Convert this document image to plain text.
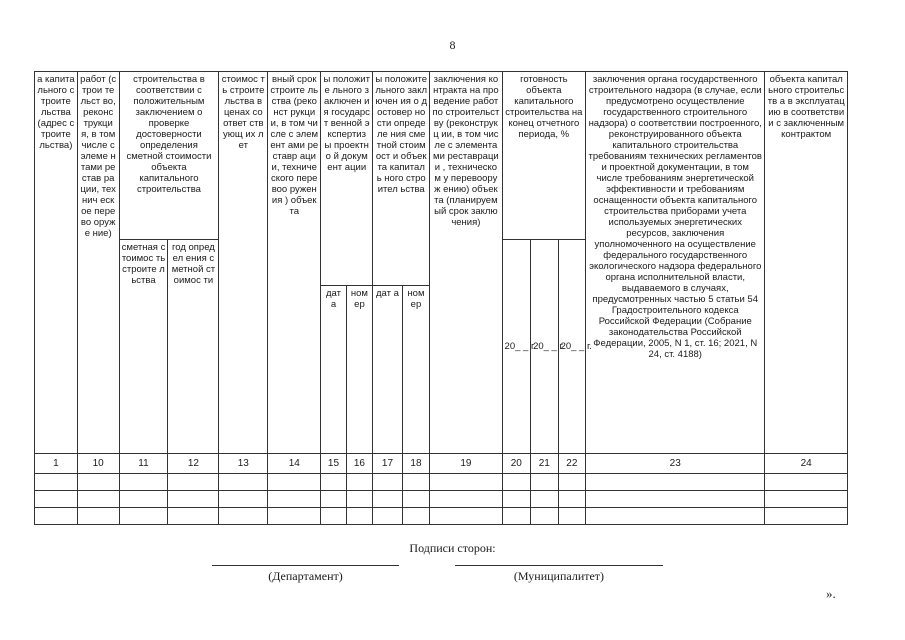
8
а капита льного строите льства (адрес строите льства)	работ (строи тельст во, реконс трукци я, в том числе с элеме нтами рестав рации, технич еское перево оруже ние)	строительства в соответствии с положительным заключением о проверке достоверности определения сметной стоимости объекта капитального строительства		стоимос ть строите льства в ценах соответ ствующ их лет	вный срок строите льства (реконст рукции, в том числе с элемент ами реставр ации, техниче ского перевоо ружения ) объекта	ы положите льного заключен ия государст венной экспертиз ы проектно й документ ации		ы положите льного заключен ия о достовер ности определе ния сметной стоимост и объекта капиталь ного строител ьства		заключения контракта на проведение работ по строительст ву (реконструкц ии, в том числе с элементами реставрации , техническом у перевооруж ению) объекта (планируем ый срок заключения)	готовность объекта капитального строительства на конец отчетного периода, %			заключения органа государственного строительного надзора (в случае, если предусмотрено осуществление государственного строительного надзора) о соответствии построенного, реконструированного объекта капитального строительства требованиям технических регламентов и проектной документации, в том числе требованиям энергетической эффективности и требованиям оснащенности объекта капитального строительства приборами учета используемых энергетических ресурсов, заключения уполномоченного на осуществление федерального государственного экологического надзора федерального органа исполнительной власти, выдаваемого в случаях, предусмотренных частью 5 статьи 54 Градостроительного кодекса Российской Федерации (Собрание законодательства Российской Федерации, 2005, N 1, ст. 16; 2021, N 24, ст. 4188)	объекта капитального строительств а в эксплуатацию в соответствии с заключенным контрактом
		сметная стоимос ть строите льства	год определ ения сметной стоимос ти								20_ _ г.	20_ _ г.	20_ _ г.		
						дат а	ном ер	дат а	ном ер						
1	10	11	12	13	14	15	16	17	18	19	20	21	22	23	24

Подписи сторон:
(Департамент)	(Муниципалитет)
».
